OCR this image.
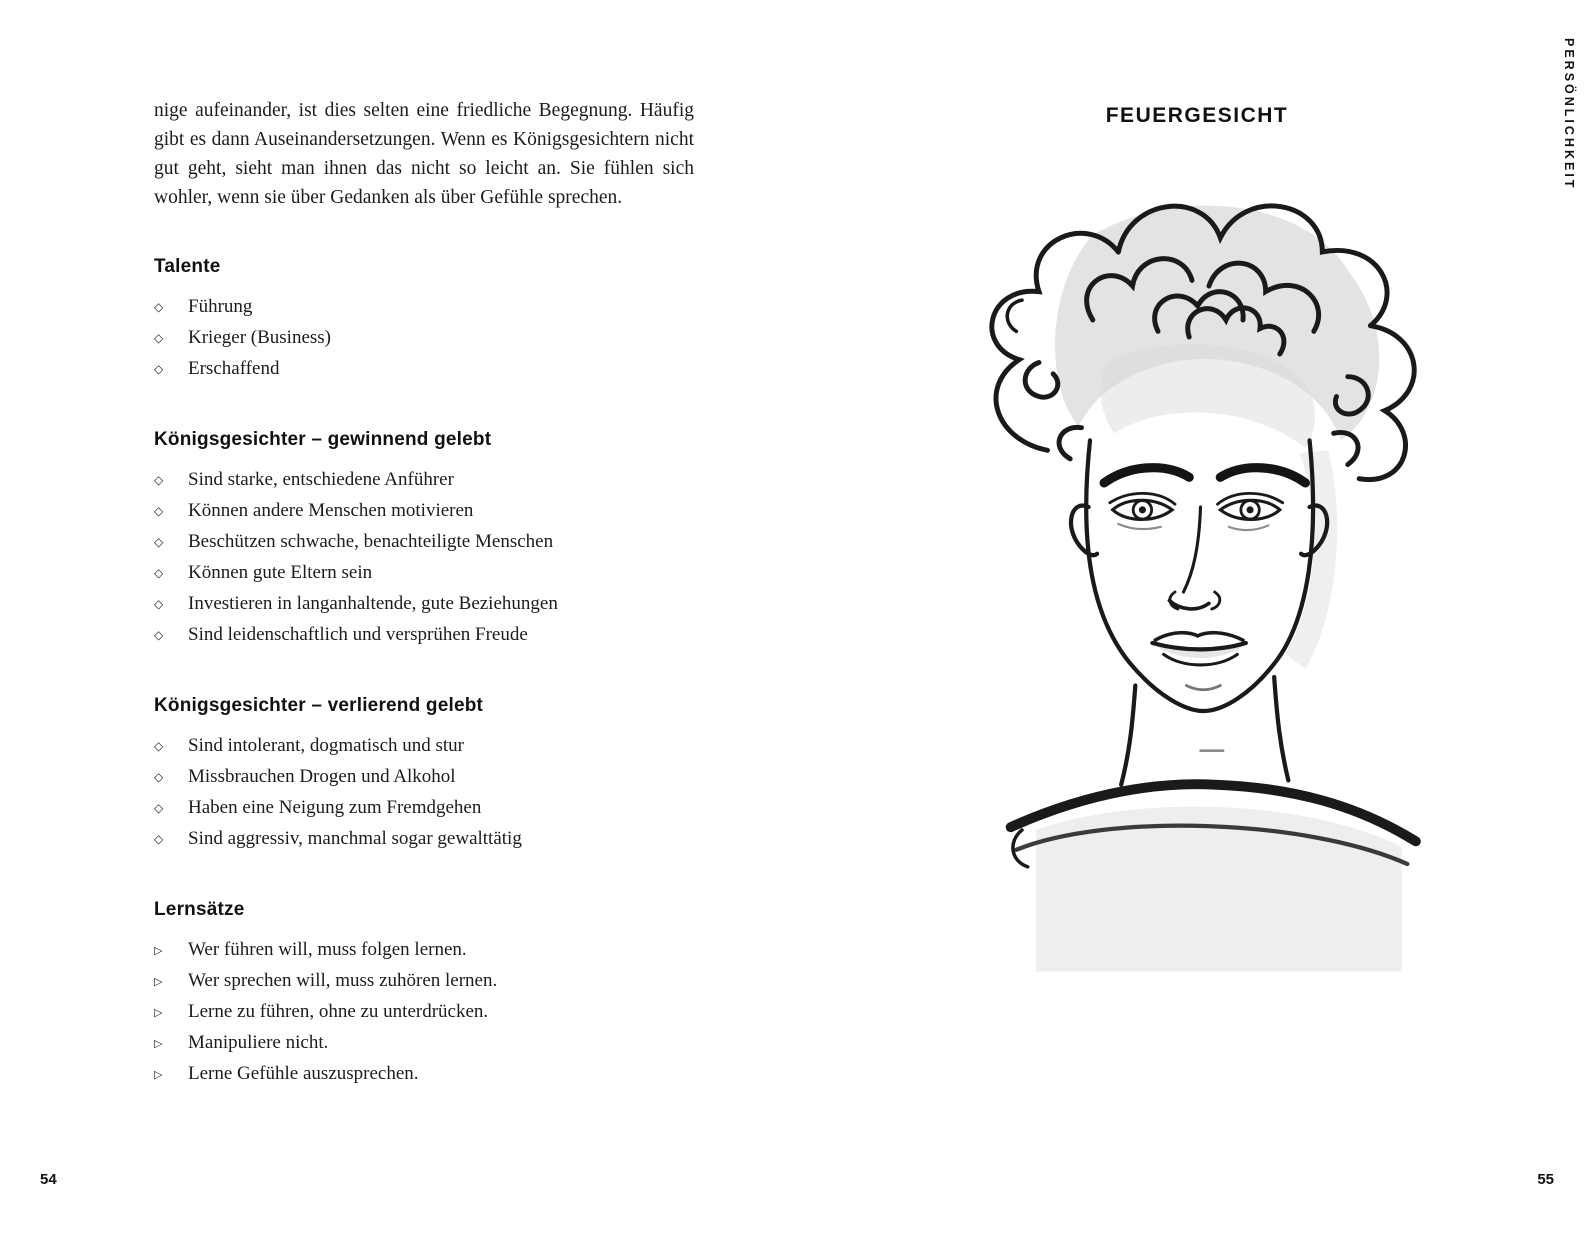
nige aufeinander, ist dies selten eine friedliche Begegnung. Häufig gibt es dann Auseinandersetzungen. Wenn es Königsgesichtern nicht gut geht, sieht man ihnen das nicht so leicht an. Sie fühlen sich wohler, wenn sie über Gedanken als über Gefühle sprechen.

Talente
◇	Führung
◇	Krieger (Business)
◇	Erschaffend
Königsgesichter – gewinnend gelebt
◇	Sind starke, entschiedene Anführer
◇	Können andere Menschen motivieren
◇	Beschützen schwache, benachteiligte Menschen
◇	Können gute Eltern sein
◇	Investieren in langanhaltende, gute Beziehungen
◇	Sind leidenschaftlich und versprühen Freude
Königsgesichter – verlierend gelebt
◇	Sind intolerant, dogmatisch und stur
◇	Missbrauchen Drogen und Alkohol
◇	Haben eine Neigung zum Fremdgehen
◇	Sind aggressiv, manchmal sogar gewalttätig
Lernsätze
▷	Wer führen will, muss folgen lernen.
▷	Wer sprechen will, muss zuhören lernen.
▷	Lerne zu führen, ohne zu unterdrücken.
▷	Manipuliere nicht.
▷	Lerne Gefühle auszusprechen.
54
FEUERGESICHT
55
PERSÖNLICHKEIT
